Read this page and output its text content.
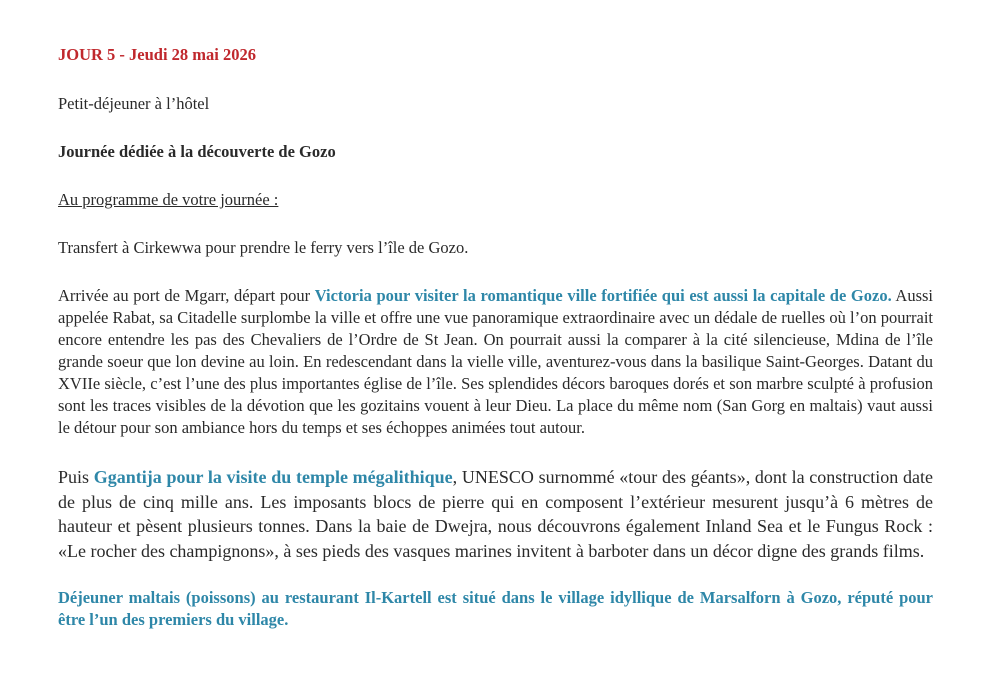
JOUR 5 - Jeudi 28 mai 2026

Petit-déjeuner à l’hôtel

Journée dédiée à la découverte de Gozo

Au programme de votre journée :

Transfert à Cirkewwa pour prendre le ferry vers l’île de Gozo.

Arrivée au port de Mgarr, départ pour Victoria pour visiter la romantique ville fortifiée qui est aussi la capitale de Gozo. Aussi appelée Rabat, sa Citadelle surplombe la ville et offre une vue panoramique extraordinaire avec un dédale de ruelles où l’on pourrait encore entendre les pas des Chevaliers de l’Ordre de St Jean. On pourrait aussi la comparer à la cité silencieuse, Mdina de l’île grande soeur que lon devine au loin. En redescendant dans la vielle ville, aventurez-vous dans la basilique Saint-Georges. Datant du XVIIe siècle, c’est l’une des plus importantes église de l’île. Ses splendides décors baroques dorés et son marbre sculpté à profusion sont les traces visibles de la dévotion que les gozitains vouent à leur Dieu. La place du même nom (San Gorg en maltais) vaut aussi le détour pour son ambiance hors du temps et ses échoppes animées tout autour.

Puis Ggantija pour la visite du temple mégalithique, UNESCO surnommé «tour des géants», dont la construction date de plus de cinq mille ans. Les imposants blocs de pierre qui en composent l’extérieur mesurent jusqu’à 6 mètres de hauteur et pèsent plusieurs tonnes. Dans la baie de Dwejra, nous découvrons également Inland Sea et le Fungus Rock : «Le rocher des champignons», à ses pieds des vasques marines invitent à barboter dans un décor digne des grands films.

Déjeuner maltais (poissons) au restaurant Il-Kartell est situé dans le village idyllique de Marsalforn à Gozo, réputé pour être l’un des premiers du village.
